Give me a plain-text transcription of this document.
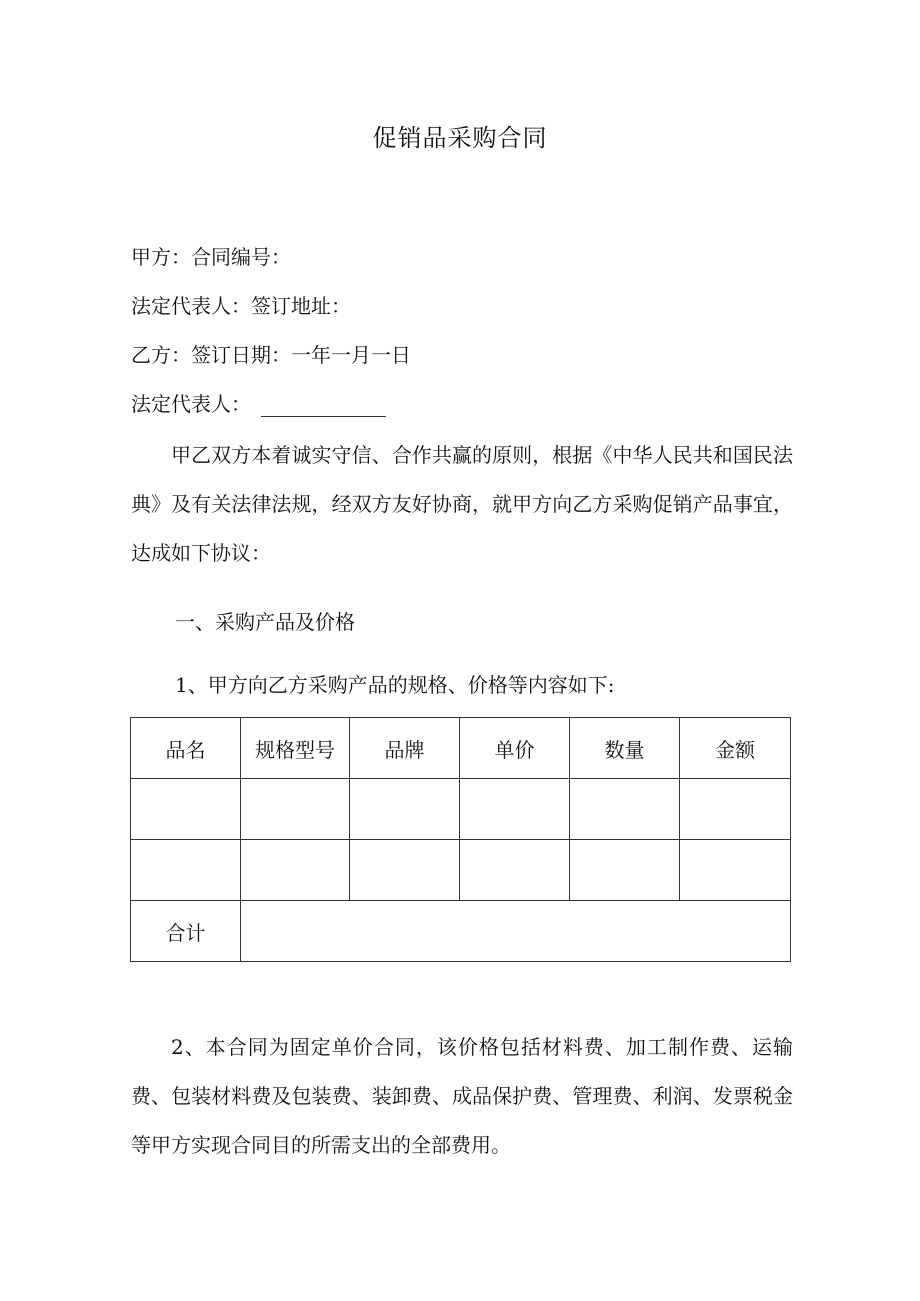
促销品采购合同

甲方：合同编号：

法定代表人：签订地址：

乙方：签订日期：一年一月一日

法定代表人：

甲乙双方本着诚实守信、合作共赢的原则，根据《中华人民共和国民法典》及有关法律法规，经双方友好协商，就甲方向乙方采购促销产品事宜，达成如下协议：

一、采购产品及价格

1、甲方向乙方采购产品的规格、价格等内容如下:

品名	规格型号	品牌	单价	数量	金额

合计					

2、本合同为固定单价合同，该价格包括材料费、加工制作费、运输费、包装材料费及包装费、装卸费、成品保护费、管理费、利润、发票税金等甲方实现合同目的所需支出的全部费用。
